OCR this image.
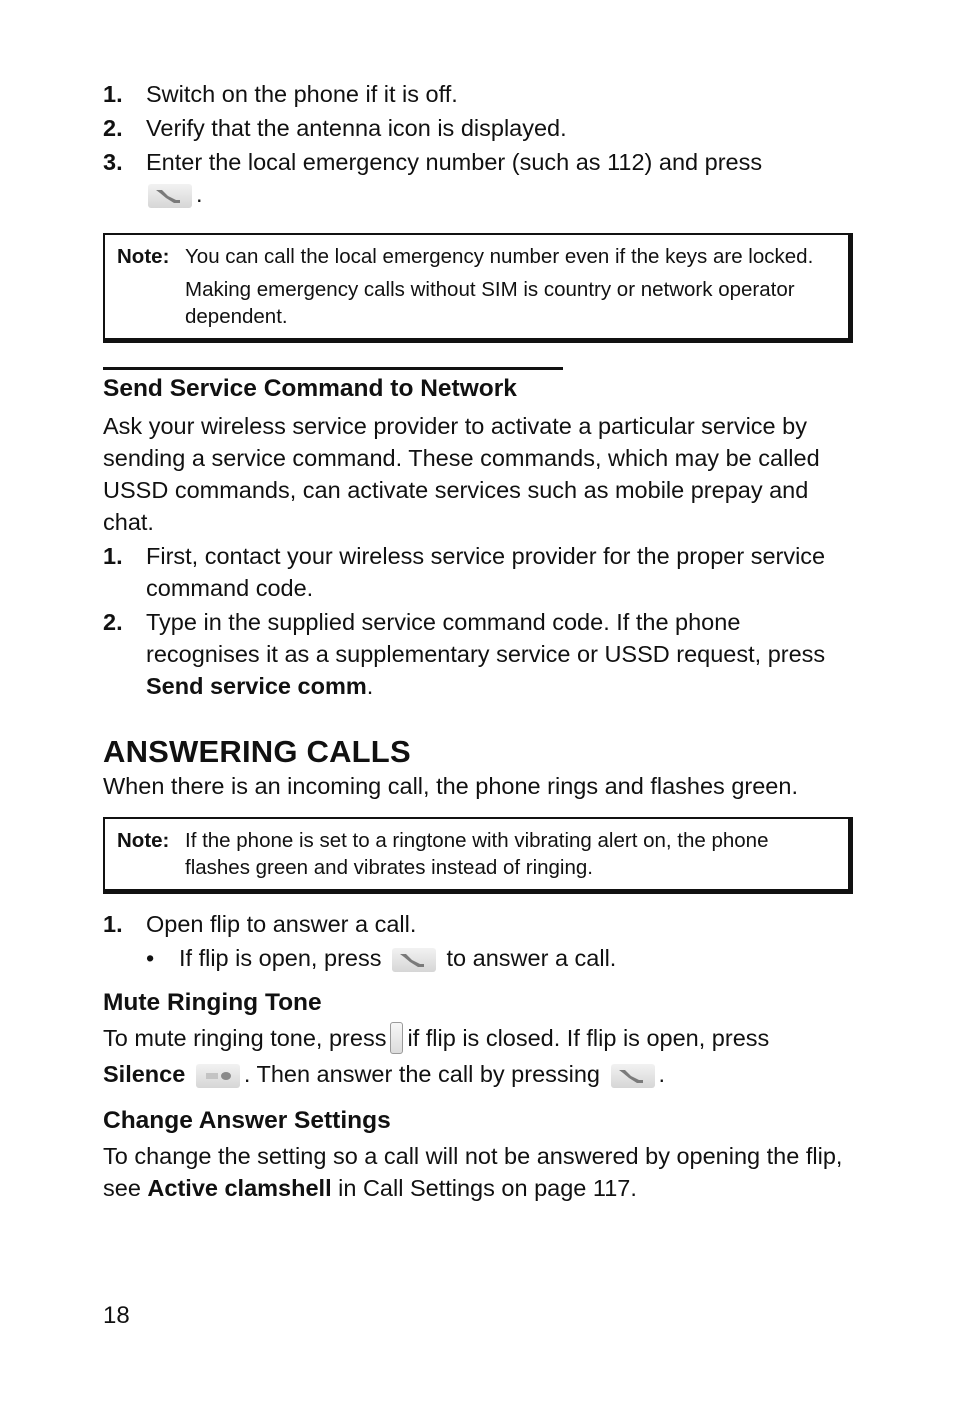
1. Switch on the phone if it is off.
2. Verify that the antenna icon is displayed.
3. Enter the local emergency number (such as 112) and press

.
Note: You can call the local emergency number even if the keys are locked.

Making emergency calls without SIM is country or network operator dependent.

Send Service Command to Network

Ask your wireless service provider to activate a particular service by sending a service command. These commands, which may be called USSD commands, can activate services such as mobile prepay and chat.

1. First, contact your wireless service provider for the proper service command code.
2. Type in the supplied service command code. If the phone recognises it as a supplementary service or USSD request, press Send service comm.
ANSWERING CALLS

When there is an incoming call, the phone rings and flashes green.

Note: If the phone is set to a ringtone with vibrating alert on, the phone flashes green and vibrates instead of ringing.

1. Open flip to answer a call.
• If flip is open, press	to answer a call.
Mute Ringing Tone

To mute ringing tone, press if flip is closed. If flip is open, press Silence . Then answer the call by pressing .

Change Answer Settings

To change the setting so a call will not be answered by opening the flip, see Active clamshell in Call Settings on page 117.

18
